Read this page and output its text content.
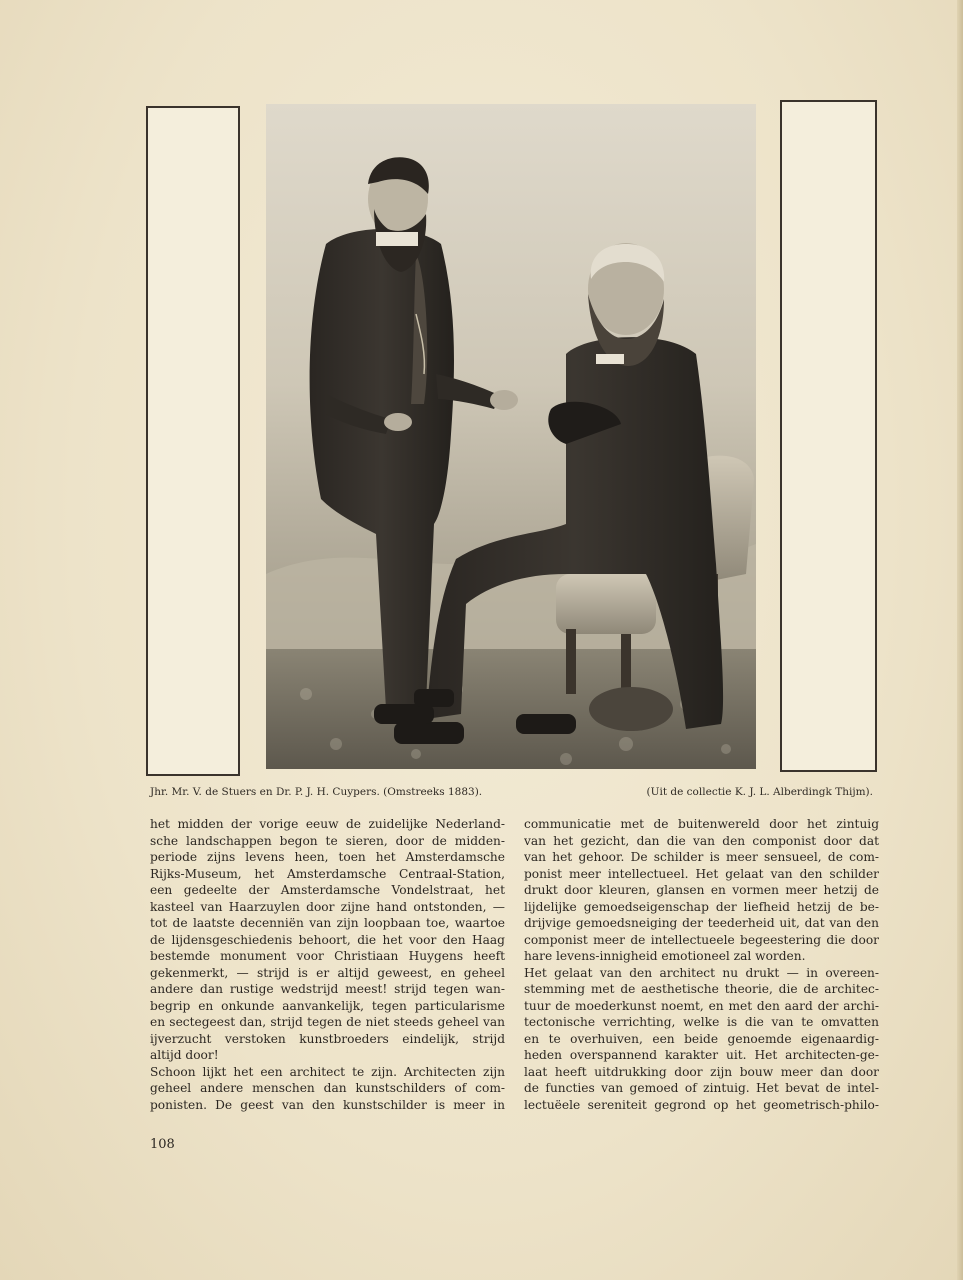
Jhr. Mr. V. de Stuers en Dr. P. J. H. Cuypers. (Omstreeks 1883).	(Uit de collectie K. J. L. Alberdingk Thijm).
het midden der vorige eeuw de zuidelijke Nederland-
sche landschappen begon te sieren, door de midden-
periode zijns levens heen, toen het Amsterdamsche
Rijks-Museum, het Amsterdamsche Centraal-Station,
een gedeelte der Amsterdamsche Vondelstraat, het
kasteel van Haarzuylen door zijne hand ontstonden, —
tot de laatste decenniën van zijn loopbaan toe, waartoe
de lijdensgeschiedenis behoort, die het voor den Haag
bestemde monument voor Christiaan Huygens heeft
gekenmerkt, — strijd is er altijd geweest, en geheel
andere dan rustige wedstrijd meest! strijd tegen wan-
begrip en onkunde aanvankelijk, tegen particularisme
en sectegeest dan, strijd tegen de niet steeds geheel van
ijverzucht verstoken kunstbroeders eindelijk, strijd
altijd door!
Schoon lijkt het een architect te zijn. Architecten zijn
geheel andere menschen dan kunstschilders of com-
ponisten. De geest van den kunstschilder is meer in
communicatie met de buitenwereld door het zintuig
van het gezicht, dan die van den componist door dat
van het gehoor. De schilder is meer sensueel, de com-
ponist meer intellectueel. Het gelaat van den schilder
drukt door kleuren, glansen en vormen meer hetzij de
lijdelijke gemoedseigenschap der liefheid hetzij de be-
drijvige gemoedsneiging der teederheid uit, dat van den
componist meer de intellectueele begeestering die door
hare levens-innigheid emotioneel zal worden.
Het gelaat van den architect nu drukt — in overeen-
stemming met de aesthetische theorie, die de architec-
tuur de moederkunst noemt, en met den aard der archi-
tectonische verrichting, welke is die van te omvatten
en te overhuiven, een beide genoemde eigenaardig-
heden overspannend karakter uit. Het architecten-ge-
laat heeft uitdrukking door zijn bouw meer dan door
de functies van gemoed of zintuig. Het bevat de intel-
lectuëele sereniteit gegrond op het geometrisch-philo-
108
